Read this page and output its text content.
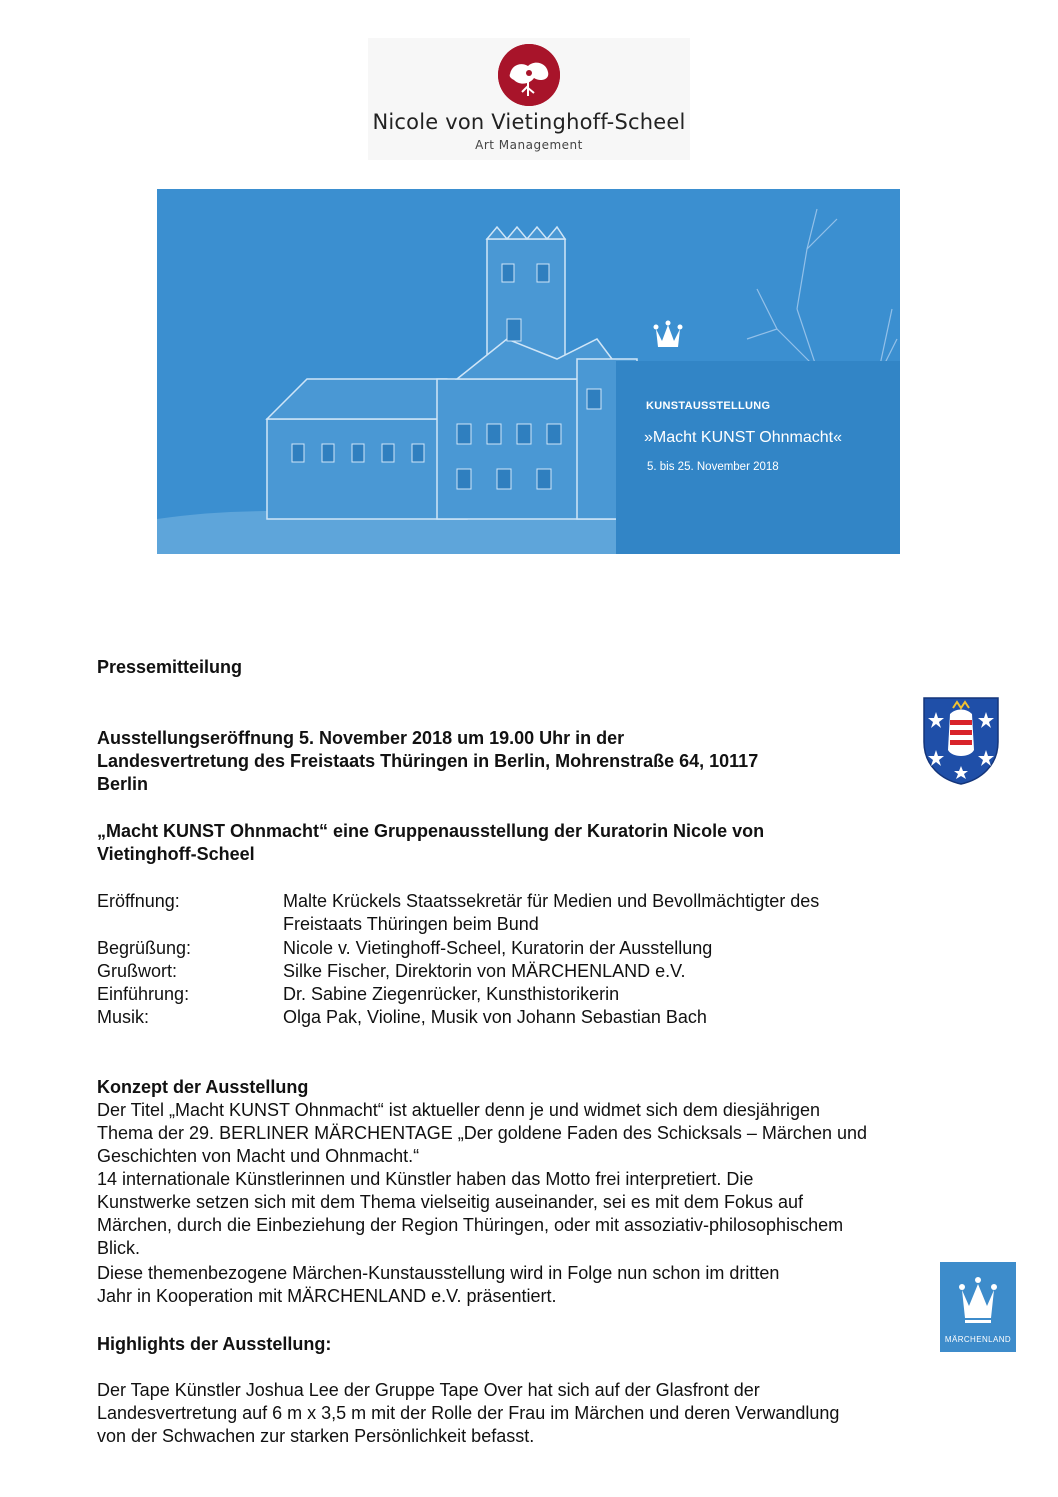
Nicole von Vietinghoff-Scheel
Art Management
KUNSTAUSSTELLUNG
»Macht KUNST Ohnmacht«
5. bis 25. November 2018
Pressemitteilung
Ausstellungseröffnung 5. November 2018 um 19.00 Uhr in der
Landesvertretung des Freistaats Thüringen in Berlin, Mohrenstraße 64, 10117
Berlin
„Macht KUNST Ohnmacht“ eine Gruppenausstellung der Kuratorin Nicole von
Vietinghoff-Scheel
Eröffnung:	Malte Krückels Staatssekretär für Medien und Bevollmächtigter des
Freistaats Thüringen beim Bund
Begrüßung:	Nicole v. Vietinghoff-Scheel, Kuratorin der Ausstellung
Grußwort:	Silke Fischer, Direktorin von MÄRCHENLAND e.V.
Einführung:	Dr. Sabine Ziegenrücker, Kunsthistorikerin
Musik:	Olga Pak, Violine, Musik von Johann Sebastian Bach
Konzept der Ausstellung
Der Titel „Macht KUNST Ohnmacht“ ist aktueller denn je und widmet sich dem diesjährigen
Thema der 29. BERLINER MÄRCHENTAGE „Der goldene Faden des Schicksals – Märchen und
Geschichten von Macht und Ohnmacht.“
14 internationale Künstlerinnen und Künstler haben das Motto frei interpretiert. Die
Kunstwerke setzen sich mit dem Thema vielseitig auseinander, sei es mit dem Fokus auf
Märchen, durch die Einbeziehung der Region Thüringen, oder mit assoziativ-philosophischem
Blick.
Diese themenbezogene Märchen-Kunstausstellung wird in Folge nun schon im dritten
Jahr in Kooperation mit MÄRCHENLAND e.V. präsentiert.
MÄRCHENLAND
Highlights der Ausstellung:
Der Tape Künstler Joshua Lee der Gruppe Tape Over hat sich auf der Glasfront der
Landesvertretung auf 6 m x 3,5 m mit der Rolle der Frau im Märchen und deren Verwandlung
von der Schwachen zur starken Persönlichkeit befasst.
